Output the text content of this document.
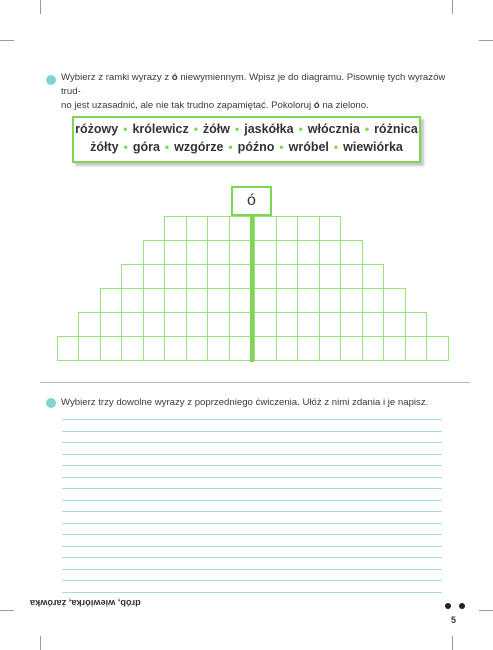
Wybierz z ramki wyrazy z ó niewymiennym. Wpisz je do diagramu. Pisownię tych wyrazów trud-
no jest uzasadnić, ale nie tak trudno zapamiętać. Pokoloruj ó na zielono.
różowy • królewicz • żółw • jaskółka • włócznia • różnica
żółty • góra • wzgórze • późno • wróbel • wiewiórka
ó
Wybierz trzy dowolne wyrazy z poprzedniego ćwiczenia. Ułóż z nimi zdania i je napisz.
drób, wiewiórka, żarówka
5
